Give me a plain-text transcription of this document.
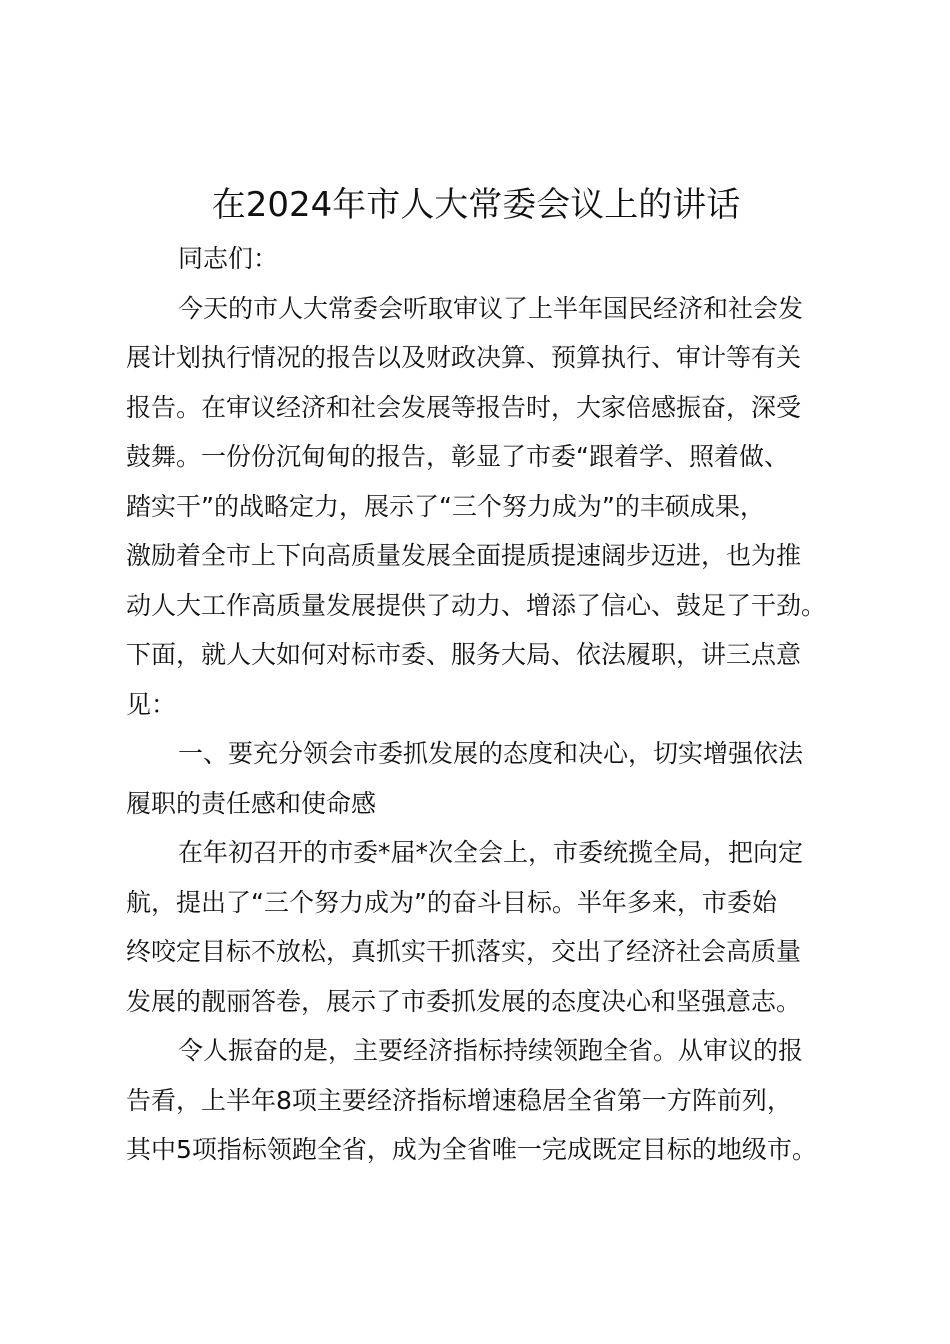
在2024年市人大常委会议上的讲话
同志们：
今天的市人大常委会听取审议了上半年国民经济和社会发
展计划执行情况的报告以及财政决算、预算执行、审计等有关
报告。在审议经济和社会发展等报告时，大家倍感振奋，深受
鼓舞。一份份沉甸甸的报告，彰显了市委“跟着学、照着做、
踏实干”的战略定力，展示了“三个努力成为”的丰硕成果，
激励着全市上下向高质量发展全面提质提速阔步迈进，也为推
动人大工作高质量发展提供了动力、增添了信心、鼓足了干劲。
下面，就人大如何对标市委、服务大局、依法履职，讲三点意
见：
一、要充分领会市委抓发展的态度和决心，切实增强依法
履职的责任感和使命感
在年初召开的市委*届*次全会上，市委统揽全局，把向定
航，提出了“三个努力成为”的奋斗目标。半年多来，市委始
终咬定目标不放松，真抓实干抓落实，交出了经济社会高质量
发展的靓丽答卷，展示了市委抓发展的态度决心和坚强意志。
令人振奋的是，主要经济指标持续领跑全省。从审议的报
告看，上半年8项主要经济指标增速稳居全省第一方阵前列，
其中5项指标领跑全省，成为全省唯一完成既定目标的地级市。
